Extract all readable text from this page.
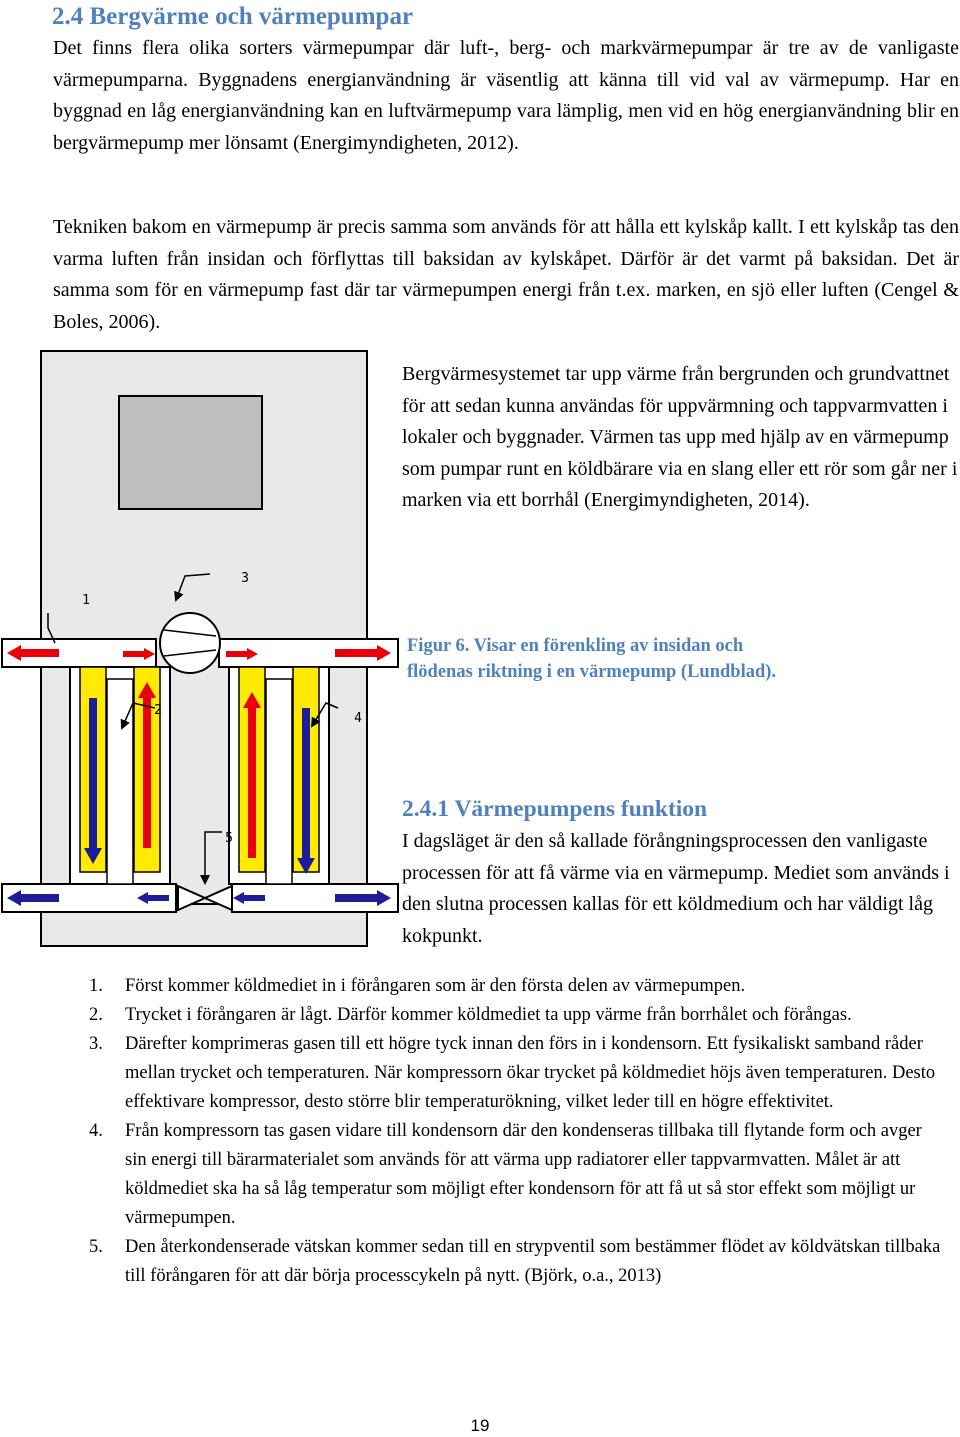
2.4 Bergvärme och värmepumpar

Det finns flera olika sorters värmepumpar där luft-, berg- och markvärmepumpar är tre av de vanligaste värmepumparna. Byggnadens energianvändning är väsentlig att känna till vid val av värmepump. Har en byggnad en låg energianvändning kan en luftvärmepump vara lämplig, men vid en hög energianvändning blir en bergvärmepump mer lönsamt (Energimyndigheten, 2012).

Tekniken bakom en värmepump är precis samma som används för att hålla ett kylskåp kallt. I ett kylskåp tas den varma luften från insidan och förflyttas till baksidan av kylskåpet. Därför är det varmt på baksidan. Det är samma som för en värmepump fast där tar värmepumpen energi från t.ex. marken, en sjö eller luften (Cengel & Boles, 2006).

1
3
2
4
5

Bergvärmesystemet tar upp värme från bergrunden och grundvattnet för att sedan kunna användas för uppvärmning och tappvarmvatten i lokaler och byggnader. Värmen tas upp med hjälp av en värmepump som pumpar runt en köldbärare via en slang eller ett rör som går ner i marken via ett borrhål (Energimyndigheten, 2014).

Figur 6. Visar en förenkling av insidan och flödenas riktning i en värmepump (Lundblad).

2.4.1 Värmepumpens funktion

I dagsläget är den så kallade förångningsprocessen den vanligaste processen för att få värme via en värmepump. Mediet som används i den slutna processen kallas för ett köldmedium och har väldigt låg kokpunkt.

1. Först kommer köldmediet in i förångaren som är den första delen av värmepumpen.
2. Trycket i förångaren är lågt. Därför kommer köldmediet ta upp värme från borrhålet och förångas.
3. Därefter komprimeras gasen till ett högre tyck innan den förs in i kondensorn. Ett fysikaliskt samband råder mellan trycket och temperaturen. När kompressorn ökar trycket på köldmediet höjs även temperaturen. Desto effektivare kompressor, desto större blir temperaturökning, vilket leder till en högre effektivitet.
4. Från kompressorn tas gasen vidare till kondensorn där den kondenseras tillbaka till flytande form och avger sin energi till bärarmaterialet som används för att värma upp radiatorer eller tappvarmvatten. Målet är att köldmediet ska ha så låg temperatur som möjligt efter kondensorn för att få ut så stor effekt som möjligt ur värmepumpen.
5. Den återkondenserade vätskan kommer sedan till en strypventil som bestämmer flödet av köldvätskan tillbaka till förångaren för att där börja processcykeln på nytt. (Björk, o.a., 2013)
19
